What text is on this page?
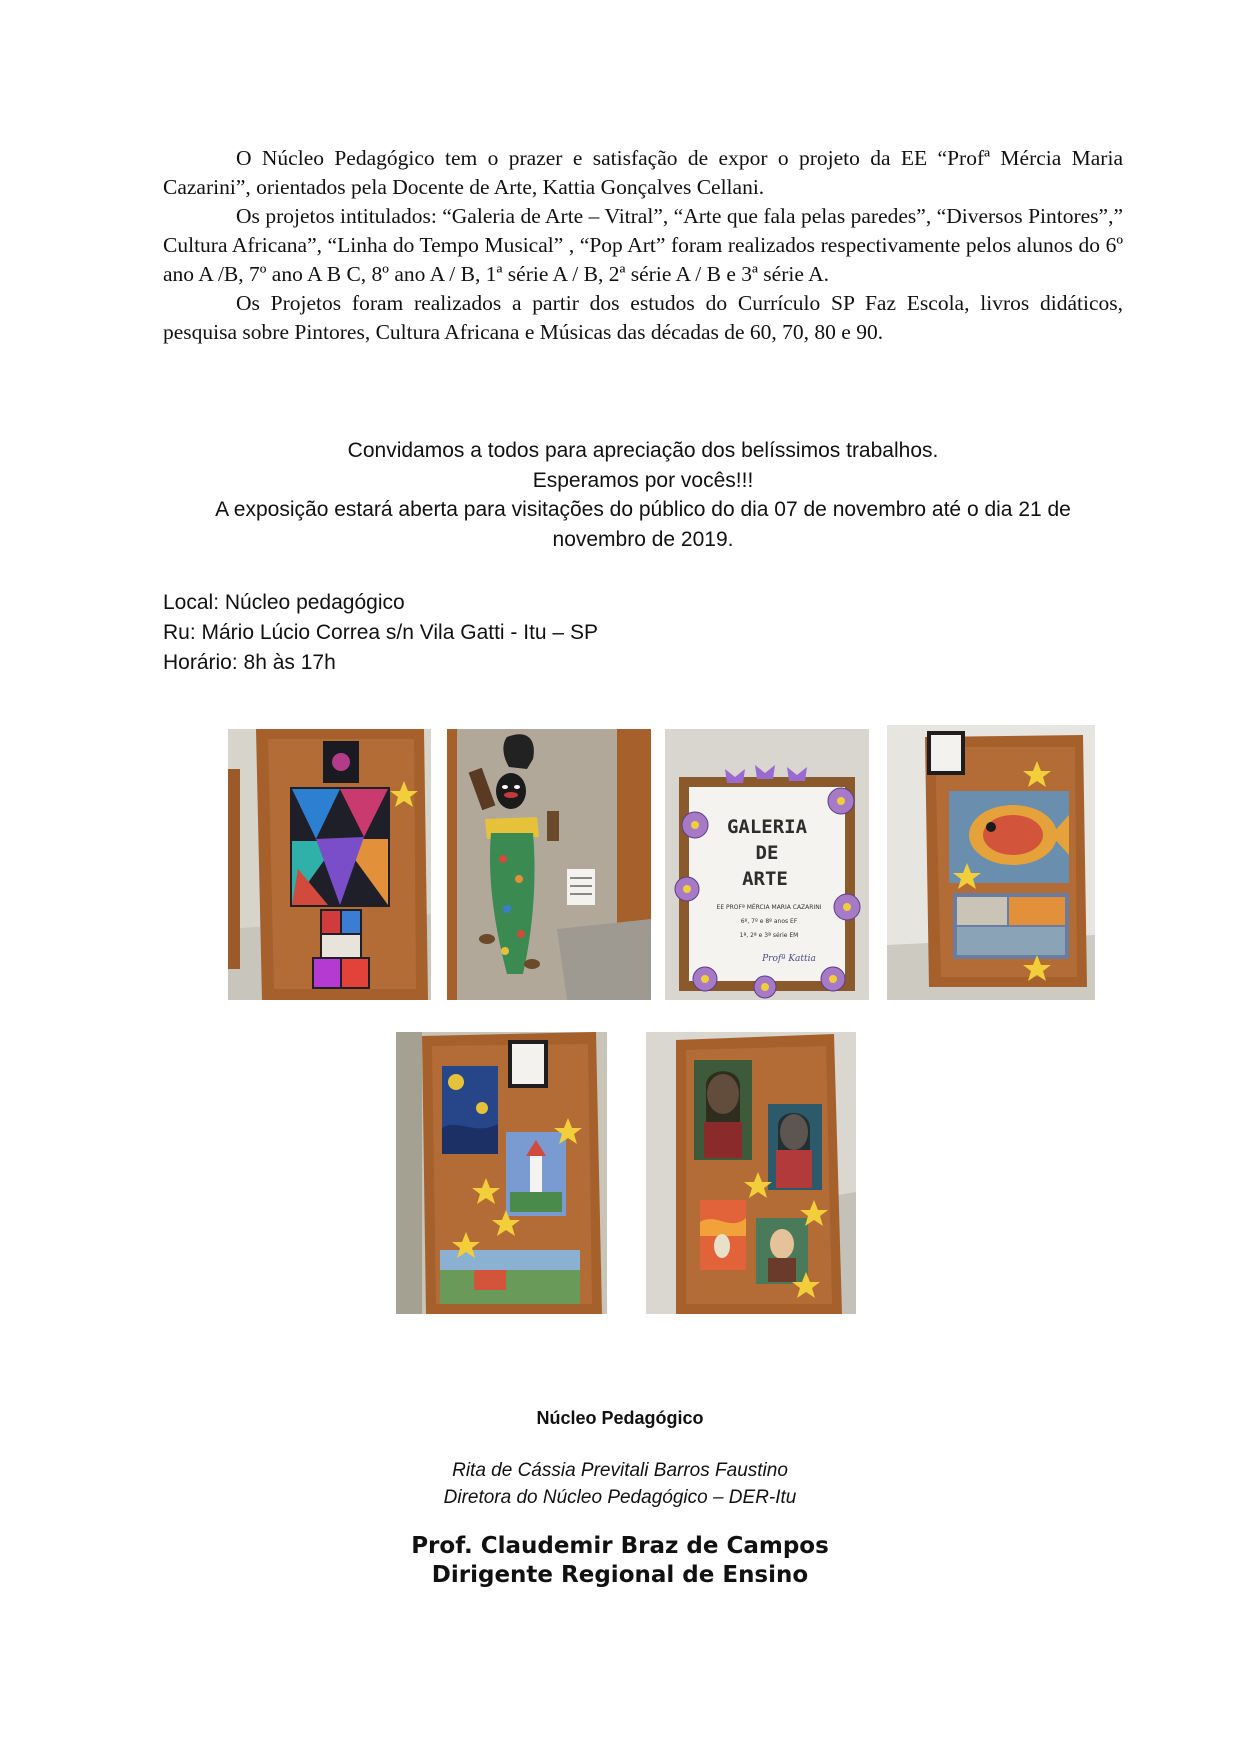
O Núcleo Pedagógico tem o prazer e satisfação de expor o projeto da EE “Profª Mércia Maria Cazarini”, orientados pela Docente de Arte, Kattia Gonçalves Cellani.

Os projetos intitulados: “Galeria de Arte – Vitral”, “Arte que fala pelas paredes”, “Diversos Pintores”,” Cultura Africana”, “Linha do Tempo Musical” , “Pop Art” foram realizados respectivamente pelos alunos do 6º ano A /B, 7º ano A B C, 8º ano A / B, 1ª série A / B, 2ª série A / B e 3ª série A.

Os Projetos foram realizados a partir dos estudos do Currículo SP Faz Escola, livros didáticos, pesquisa sobre Pintores, Cultura Africana e Músicas das décadas de 60, 70, 80 e 90.

Convidamos a todos para apreciação dos belíssimos trabalhos.
Esperamos por vocês!!!
A exposição estará aberta para visitações do público do dia 07 de novembro até o dia 21 de
novembro de 2019.
Local: Núcleo pedagógico
Ru: Mário Lúcio Correa s/n Vila Gatti - Itu – SP
Horário: 8h às 17h
GALERIA
DE
ARTE
EE PROFª MÉRCIA MARIA CAZARINI
6º, 7º e 8º anos EF
1ª, 2ª e 3ª série EM
Profª Kattia
Núcleo Pedagógico
Rita de Cássia Previtali Barros Faustino
Diretora do Núcleo Pedagógico – DER-Itu
Prof. Claudemir Braz de Campos
Dirigente Regional de Ensino
